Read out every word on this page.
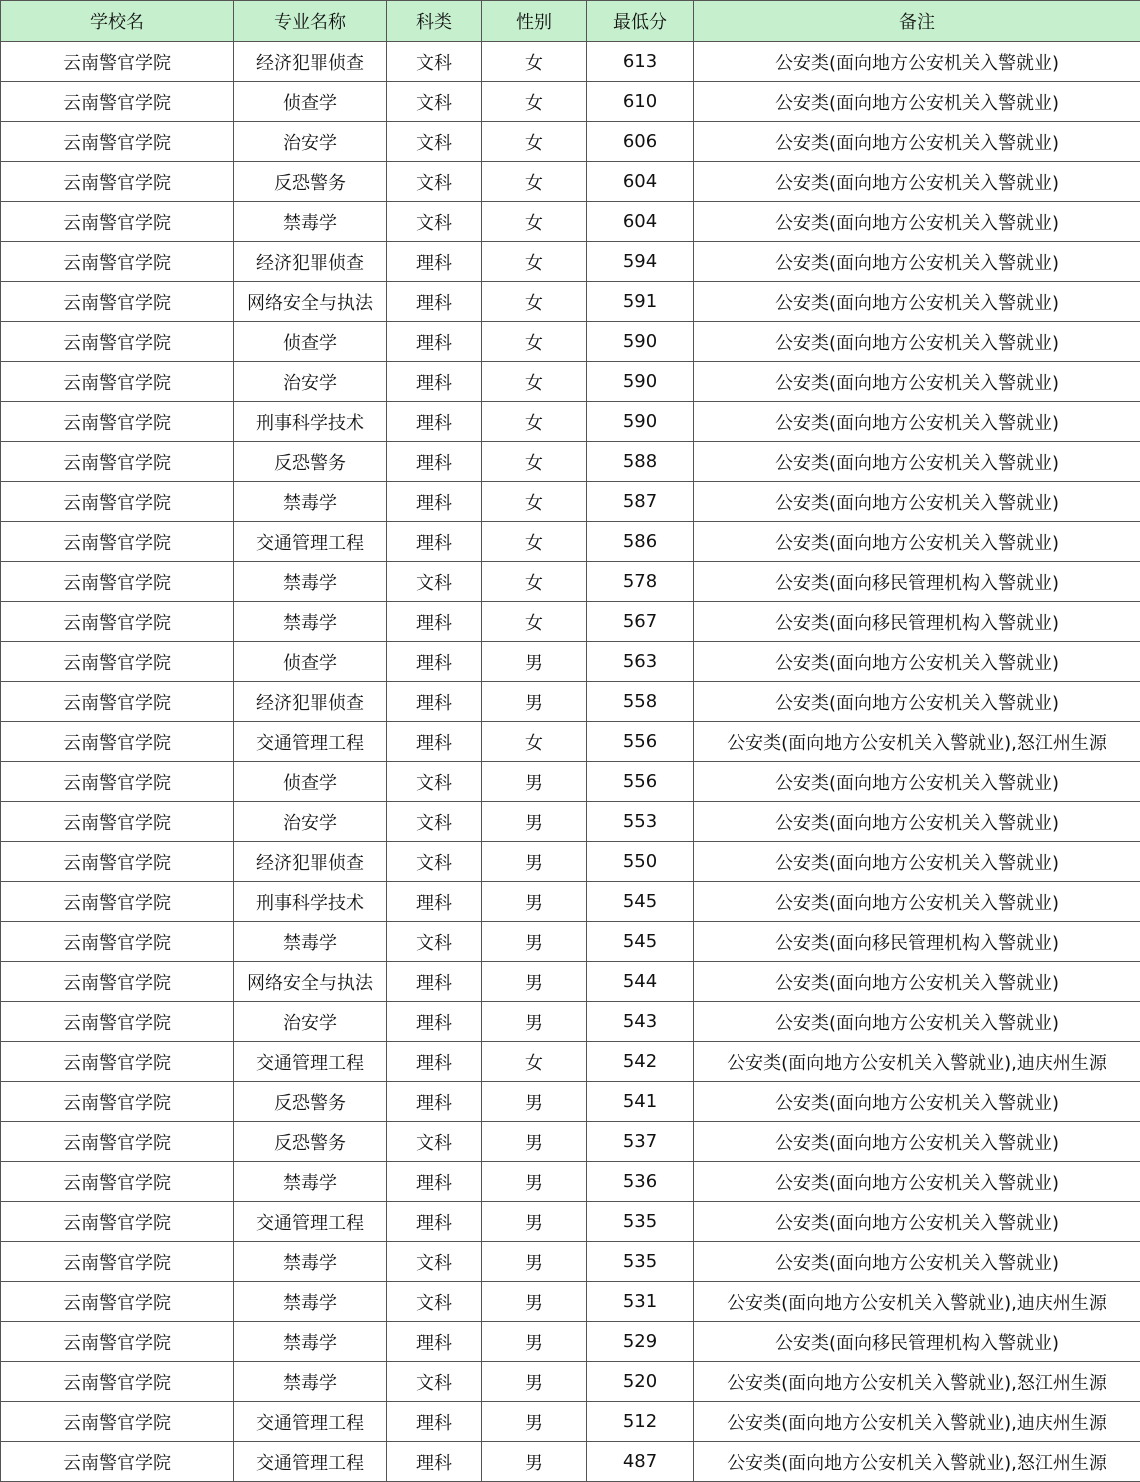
学校名	专业名称	科类	性别	最低分	备注
云南警官学院	经济犯罪侦查	文科	女	613	公安类(面向地方公安机关入警就业)
云南警官学院	侦查学	文科	女	610	公安类(面向地方公安机关入警就业)
云南警官学院	治安学	文科	女	606	公安类(面向地方公安机关入警就业)
云南警官学院	反恐警务	文科	女	604	公安类(面向地方公安机关入警就业)
云南警官学院	禁毒学	文科	女	604	公安类(面向地方公安机关入警就业)
云南警官学院	经济犯罪侦查	理科	女	594	公安类(面向地方公安机关入警就业)
云南警官学院	网络安全与执法	理科	女	591	公安类(面向地方公安机关入警就业)
云南警官学院	侦查学	理科	女	590	公安类(面向地方公安机关入警就业)
云南警官学院	治安学	理科	女	590	公安类(面向地方公安机关入警就业)
云南警官学院	刑事科学技术	理科	女	590	公安类(面向地方公安机关入警就业)
云南警官学院	反恐警务	理科	女	588	公安类(面向地方公安机关入警就业)
云南警官学院	禁毒学	理科	女	587	公安类(面向地方公安机关入警就业)
云南警官学院	交通管理工程	理科	女	586	公安类(面向地方公安机关入警就业)
云南警官学院	禁毒学	文科	女	578	公安类(面向移民管理机构入警就业)
云南警官学院	禁毒学	理科	女	567	公安类(面向移民管理机构入警就业)
云南警官学院	侦查学	理科	男	563	公安类(面向地方公安机关入警就业)
云南警官学院	经济犯罪侦查	理科	男	558	公安类(面向地方公安机关入警就业)
云南警官学院	交通管理工程	理科	女	556	公安类(面向地方公安机关入警就业),怒江州生源
云南警官学院	侦查学	文科	男	556	公安类(面向地方公安机关入警就业)
云南警官学院	治安学	文科	男	553	公安类(面向地方公安机关入警就业)
云南警官学院	经济犯罪侦查	文科	男	550	公安类(面向地方公安机关入警就业)
云南警官学院	刑事科学技术	理科	男	545	公安类(面向地方公安机关入警就业)
云南警官学院	禁毒学	文科	男	545	公安类(面向移民管理机构入警就业)
云南警官学院	网络安全与执法	理科	男	544	公安类(面向地方公安机关入警就业)
云南警官学院	治安学	理科	男	543	公安类(面向地方公安机关入警就业)
云南警官学院	交通管理工程	理科	女	542	公安类(面向地方公安机关入警就业),迪庆州生源
云南警官学院	反恐警务	理科	男	541	公安类(面向地方公安机关入警就业)
云南警官学院	反恐警务	文科	男	537	公安类(面向地方公安机关入警就业)
云南警官学院	禁毒学	理科	男	536	公安类(面向地方公安机关入警就业)
云南警官学院	交通管理工程	理科	男	535	公安类(面向地方公安机关入警就业)
云南警官学院	禁毒学	文科	男	535	公安类(面向地方公安机关入警就业)
云南警官学院	禁毒学	文科	男	531	公安类(面向地方公安机关入警就业),迪庆州生源
云南警官学院	禁毒学	理科	男	529	公安类(面向移民管理机构入警就业)
云南警官学院	禁毒学	文科	男	520	公安类(面向地方公安机关入警就业),怒江州生源
云南警官学院	交通管理工程	理科	男	512	公安类(面向地方公安机关入警就业),迪庆州生源
云南警官学院	交通管理工程	理科	男	487	公安类(面向地方公安机关入警就业),怒江州生源
